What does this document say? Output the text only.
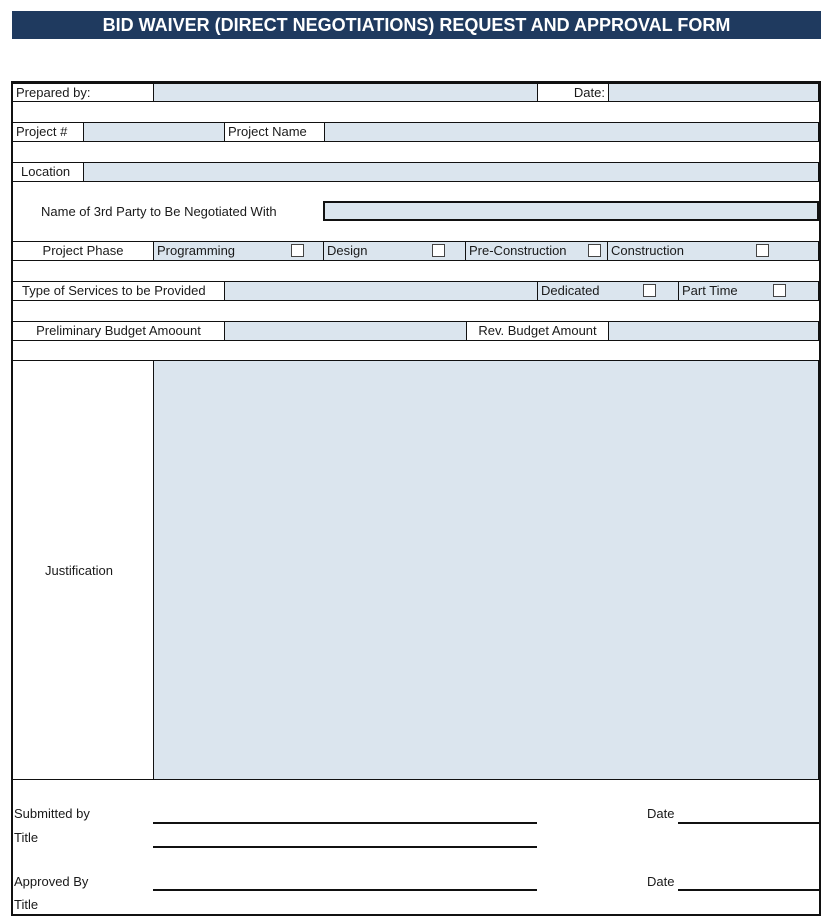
BID WAIVER (DIRECT NEGOTIATIONS) REQUEST AND APPROVAL FORM
Prepared by:	Date:
Project #	Project Name
Location
Name of 3rd Party to Be Negotiated With
Project Phase	Programming	Design	Pre-Construction	Construction
Type of Services to be Provided	Dedicated	Part Time
Preliminary Budget Amoount	Rev. Budget Amount
Justification
Submitted by	Date
Title
Approved By	Date
Title
